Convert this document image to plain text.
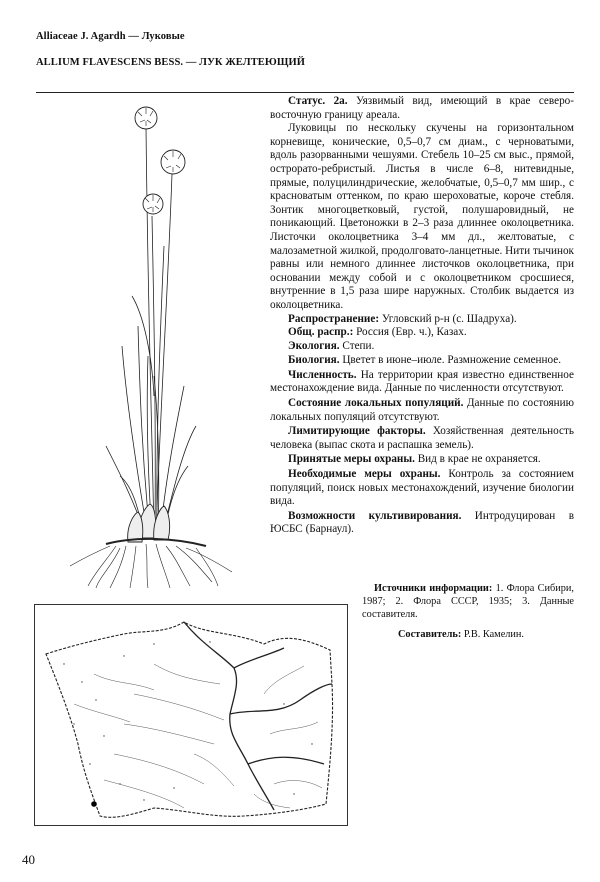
Alliaceae J. Agardh — Луковые
ALLIUM FLAVESCENS BESS. — ЛУК ЖЕЛТЕЮЩИЙ

Статус. 2а. Уязвимый вид, имеющий в крае северо-восточную границу ареала.

Луковицы по нескольку скучены на горизонтальном корневище, конические, 0,5–0,7 см диам., с черноватыми, вдоль разорванными чешуями. Стебель 10–25 см выс., прямой, острорато-ребристый. Листья в числе 6–8, нитевидные, прямые, полуцилиндрические, желобчатые, 0,5–0,7 мм шир., с красноватым оттенком, по краю шероховатые, короче стебля. Зонтик многоцветковый, густой, полушаровидный, не поникающий. Цветоножки в 2–3 раза длиннее околоцветника. Листочки околоцветника 3–4 мм дл., желтоватые, с малозаметной жилкой, продолговато-ланцетные. Нити тычинок равны или немного длиннее листочков околоцветника, при основании между собой и с околоцветником сросшиеся, внутренние в 1,5 раза шире наружных. Столбик выдается из околоцветника.

Распространение: Угловский р-н (с. Шадруха).

Общ. распр.: Россия (Евр. ч.), Казах.

Экология. Степи.

Биология. Цветет в июне–июле. Размножение семенное.

Численность. На территории края известно единственное местонахождение вида. Данные по численности отсутствуют.

Состояние локальных популяций. Данные по состоянию локальных популяций отсутствуют.

Лимитирующие факторы. Хозяйственная деятельность человека (выпас скота и распашка земель).

Принятые меры охраны. Вид в крае не охраняется.

Необходимые меры охраны. Контроль за состоянием популяций, поиск новых местонахождений, изучение биологии вида.

Возможности культивирования. Интродуцирован в ЮСБС (Барнаул).

Источники информации: 1. Флора Сибири, 1987; 2. Флора СССР, 1935; 3. Данные составителя.

Составитель: Р.В. Камелин.

40
